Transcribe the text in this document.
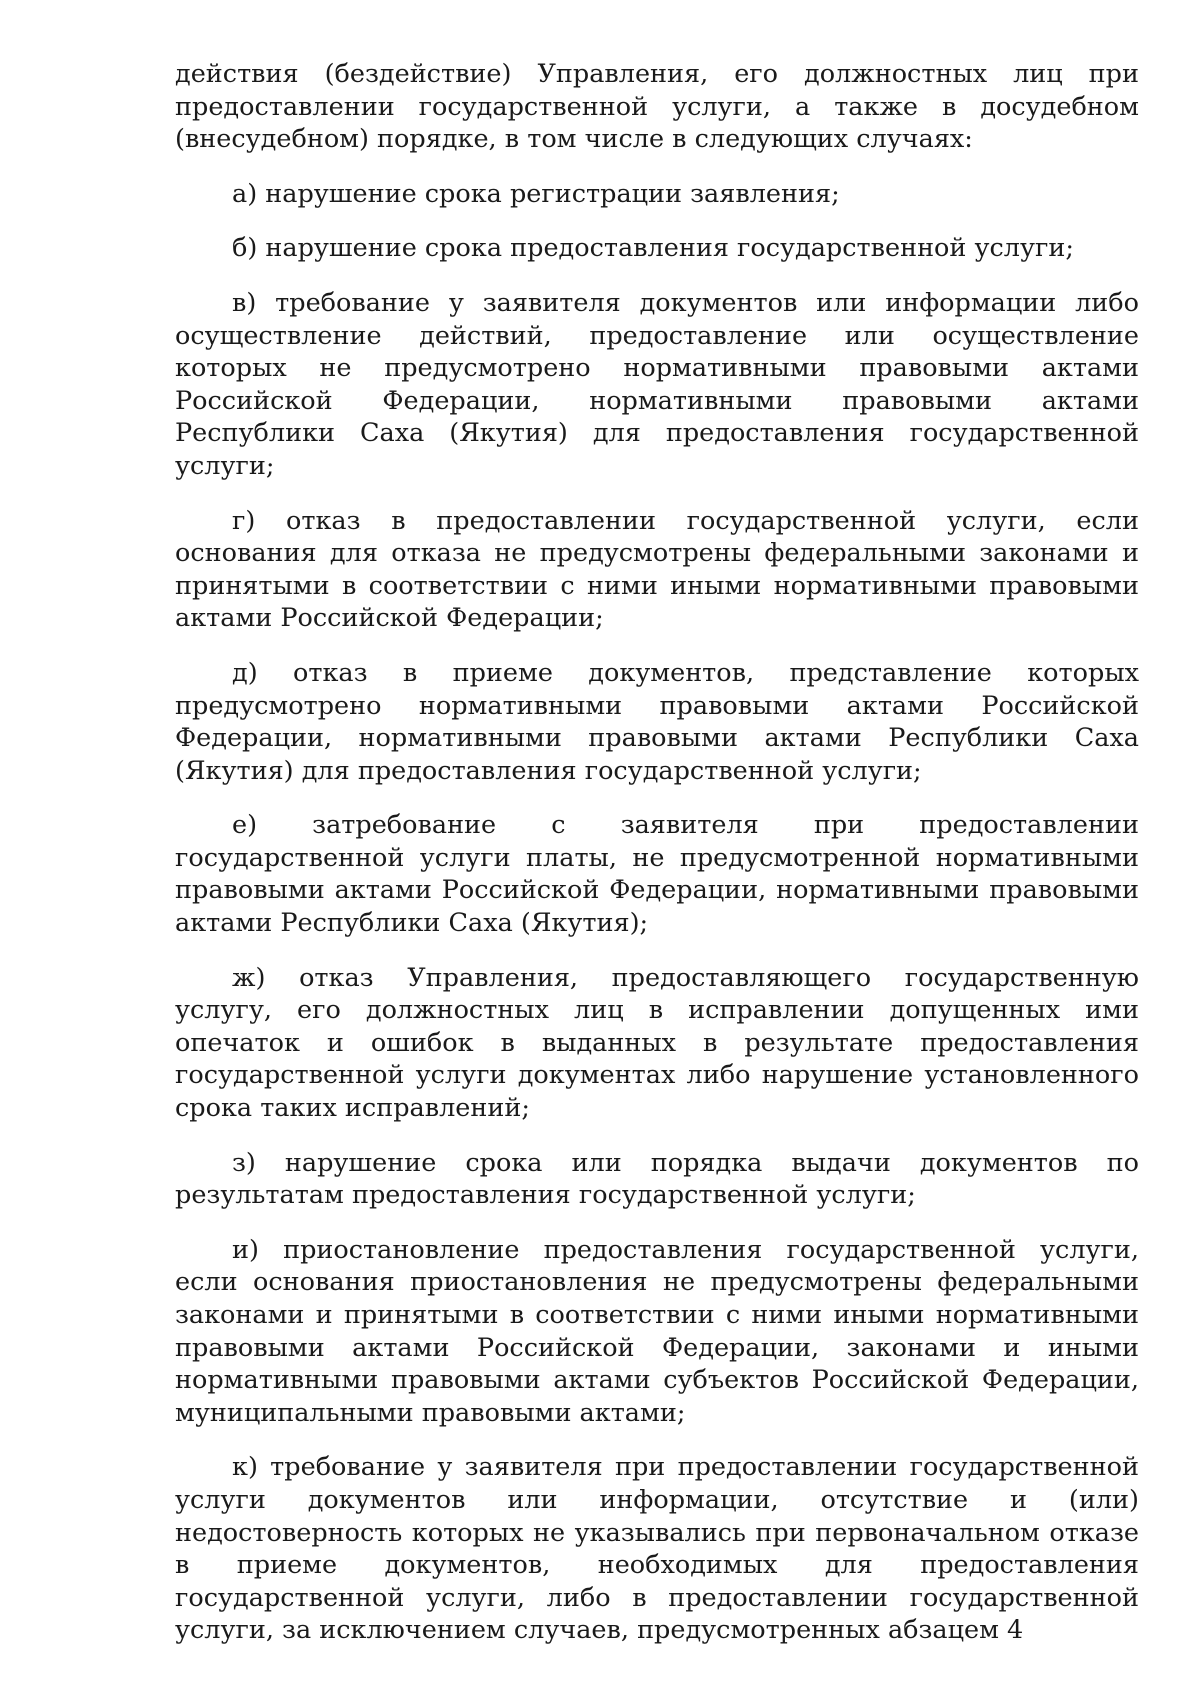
действия (бездействие) Управления, его должностных лиц при предоставлении государственной услуги, а также в досудебном (внесудебном) порядке, в том числе в следующих случаях:

а) нарушение срока регистрации заявления;

б) нарушение срока предоставления государственной услуги;

в) требование у заявителя документов или информации либо осуществление действий, предоставление или осуществление которых не предусмотрено нормативными правовыми актами Российской Федерации, нормативными правовыми актами Республики Саха (Якутия) для предоставления государственной услуги;

г) отказ в предоставлении государственной услуги, если основания для отказа не предусмотрены федеральными законами и принятыми в соответствии с ними иными нормативными правовыми актами Российской Федерации;

д) отказ в приеме документов, представление которых предусмотрено нормативными правовыми актами Российской Федерации, нормативными правовыми актами Республики Саха (Якутия) для предоставления государственной услуги;

е) затребование с заявителя при предоставлении государственной услуги платы, не предусмотренной нормативными правовыми актами Российской Федерации, нормативными правовыми актами Республики Саха (Якутия);

ж) отказ Управления, предоставляющего государственную услугу, его должностных лиц в исправлении допущенных ими опечаток и ошибок в выданных в результате предоставления государственной услуги документах либо нарушение установленного срока таких исправлений;

з) нарушение срока или порядка выдачи документов по результатам предоставления государственной услуги;

и) приостановление предоставления государственной услуги, если основания приостановления не предусмотрены федеральными законами и принятыми в соответствии с ними иными нормативными правовыми актами Российской Федерации, законами и иными нормативными правовыми актами субъектов Российской Федерации, муниципальными правовыми актами;

к) требование у заявителя при предоставлении государственной услуги документов или информации, отсутствие и (или) недостоверность которых не указывались при первоначальном отказе в приеме документов, необходимых для предоставления государственной услуги, либо в предоставлении государственной услуги, за исключением случаев, предусмотренных абзацем 4
